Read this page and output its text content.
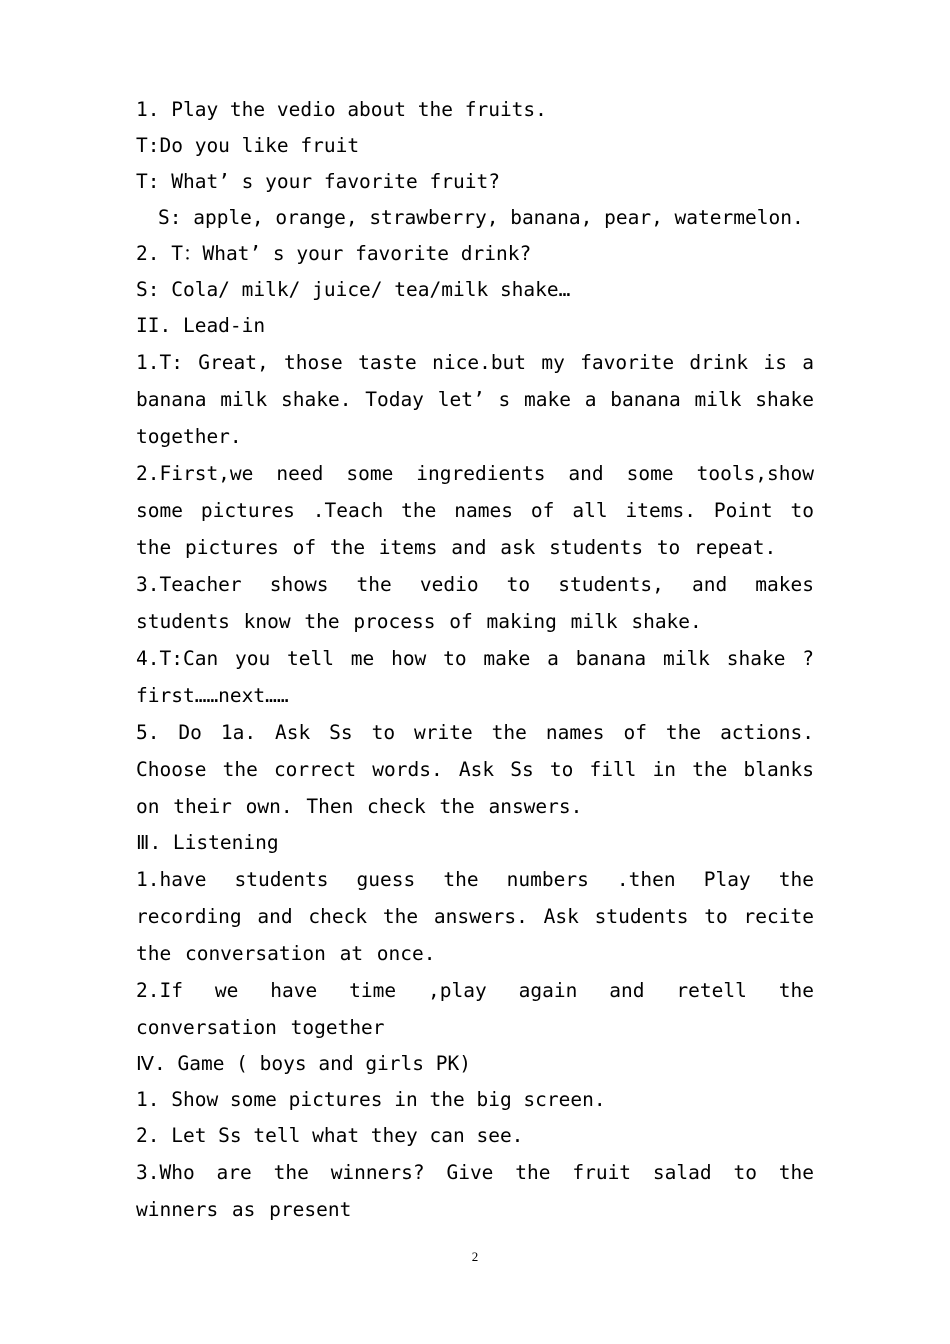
1. Play the vedio about the fruits.
T:Do you like fruit
T: What’ s your favorite fruit?
S: apple, orange, strawberry, banana, pear, watermelon.
2. T：What’ s your favorite drink?
S: Cola/ milk/ juice/ tea/milk shake…
II. Lead-in
1.T: Great, those taste nice.but my favorite drink is a banana milk shake. Today let’ s make a banana milk shake together.
2.First,we need some ingredients and some tools,show some pictures .Teach the names of all items. Point to the pictures of the items and ask students to repeat.
3.Teacher shows the vedio to students, and makes students know the process of making milk shake.
4.T:Can you tell me how to make a banana milk shake ? first……next……
5. Do 1a. Ask Ss to write the names of the actions. Choose the correct words. Ask Ss to fill in the blanks on their own. Then check the answers.
Ⅲ. Listening
1.have students guess the numbers .then Play the recording and check the answers. Ask students to recite the conversation at once.
2.If we have time ,play again and retell the conversation together
Ⅳ. Game ( boys and girls PK)
1. Show some pictures in the big screen.
2. Let Ss tell what they can see.
3.Who are the winners? Give the fruit salad to the winners as present
2
